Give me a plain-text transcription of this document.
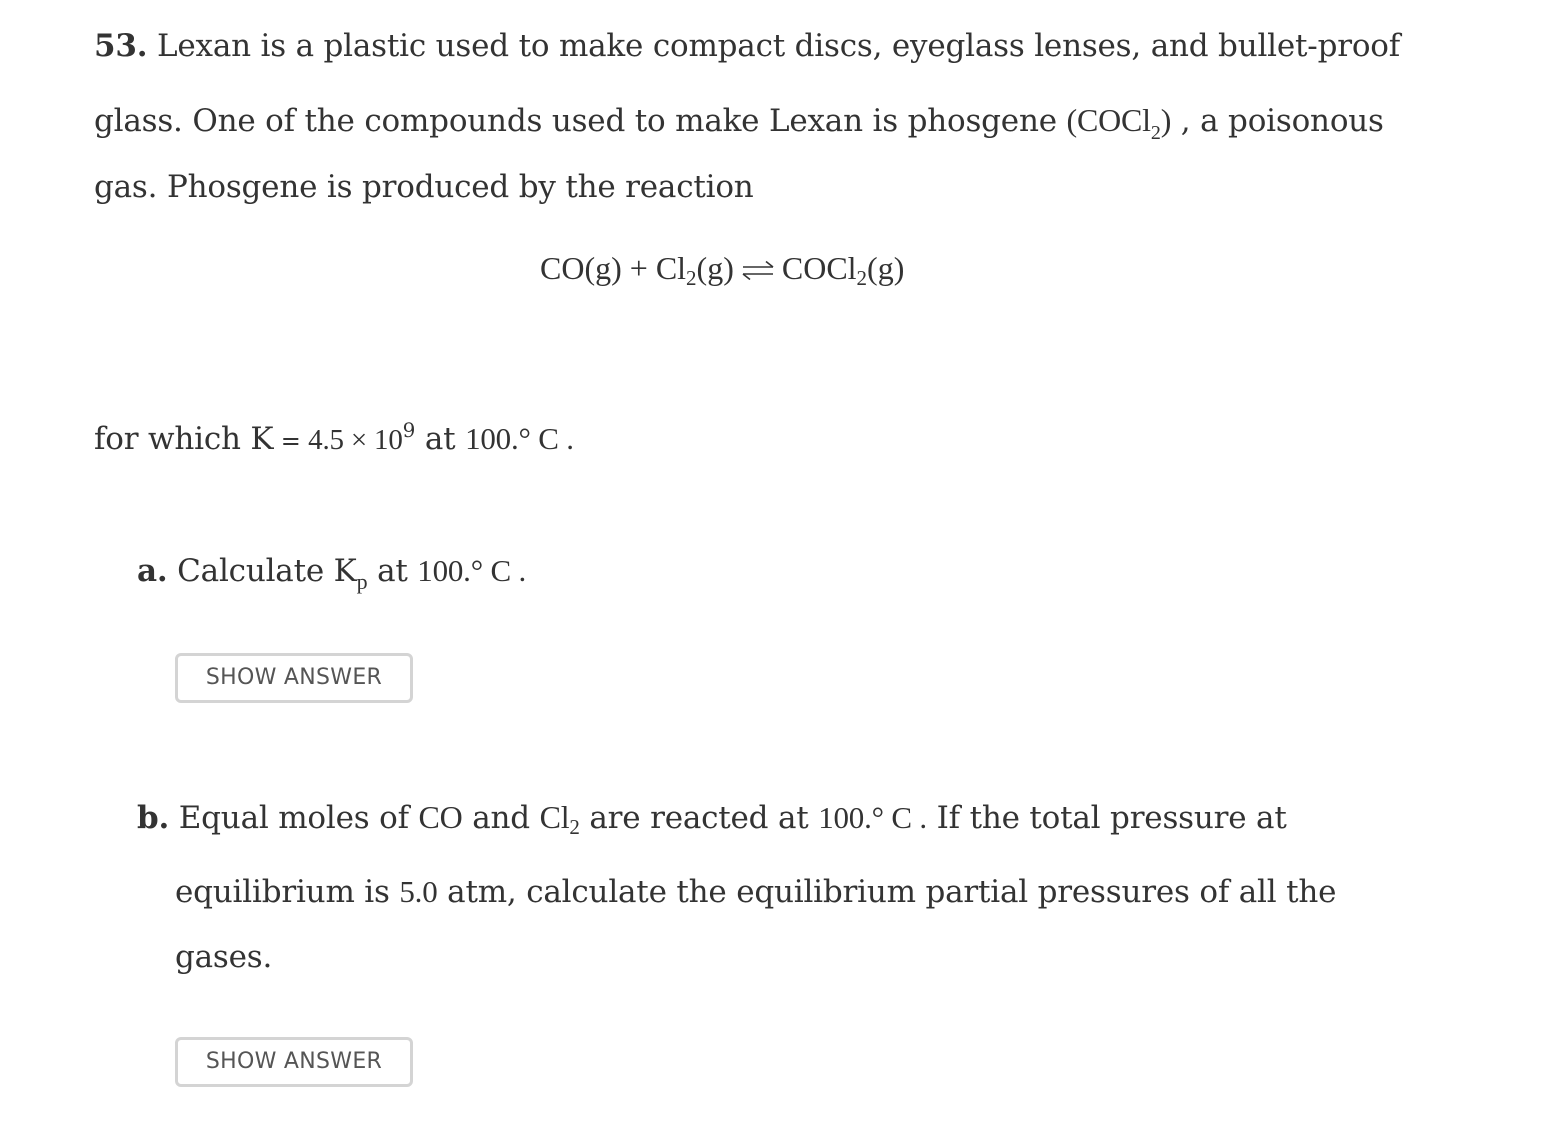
53. Lexan is a plastic used to make compact discs, eyeglass lenses, and bullet-proof
glass. One of the compounds used to make Lexan is phosgene (COCl$_2$) , a poisonous
gas. Phosgene is produced by the reaction
CO(g) + Cl2(g) ⇌ COCl2(g)
for which $K = 4.5 \times 10^9$ at 100.° C .
a. Calculate $K_p$ at 100.° C .
SHOW ANSWER
b. Equal moles of CO and Cl2 are reacted at 100.° C . If the total pressure at
equilibrium is 5.0 atm, calculate the equilibrium partial pressures of all the
gases.
SHOW ANSWER
